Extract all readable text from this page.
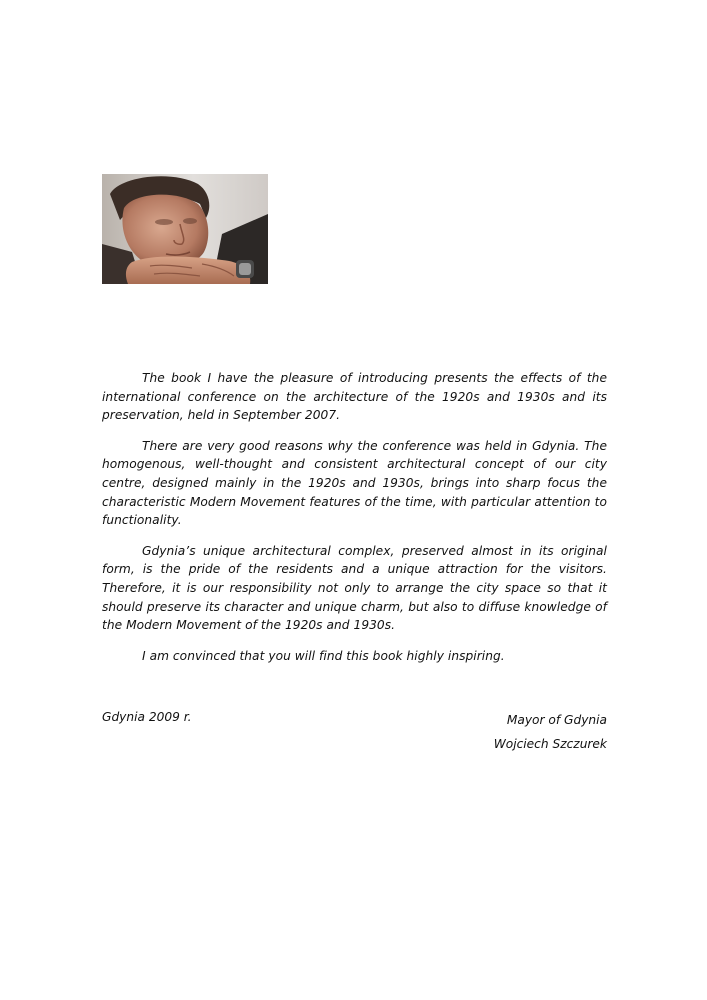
The book I have the pleasure of introducing presents the effects of the international conference on the architecture of the 1920s and 1930s and its preservation, held in September 2007.

There are very good reasons why the conference was held in Gdynia. The homogenous, well-thought and consistent architectural concept of our city centre, designed mainly in the 1920s and 1930s, brings into sharp focus the characteristic Modern Movement features of the time, with particular attention to functionality.

Gdynia’s unique architectural complex, preserved almost in its original form, is the pride of the residents and a unique attraction for the visitors. Therefore, it is our responsibility not only to arrange the city space so that it should preserve its character and unique charm, but also to diffuse knowledge of the Modern Movement of the 1920s and 1930s.

I am convinced that you will find this book highly inspiring.

Gdynia 2009 r.	Mayor of Gdynia
Wojciech Szczurek
